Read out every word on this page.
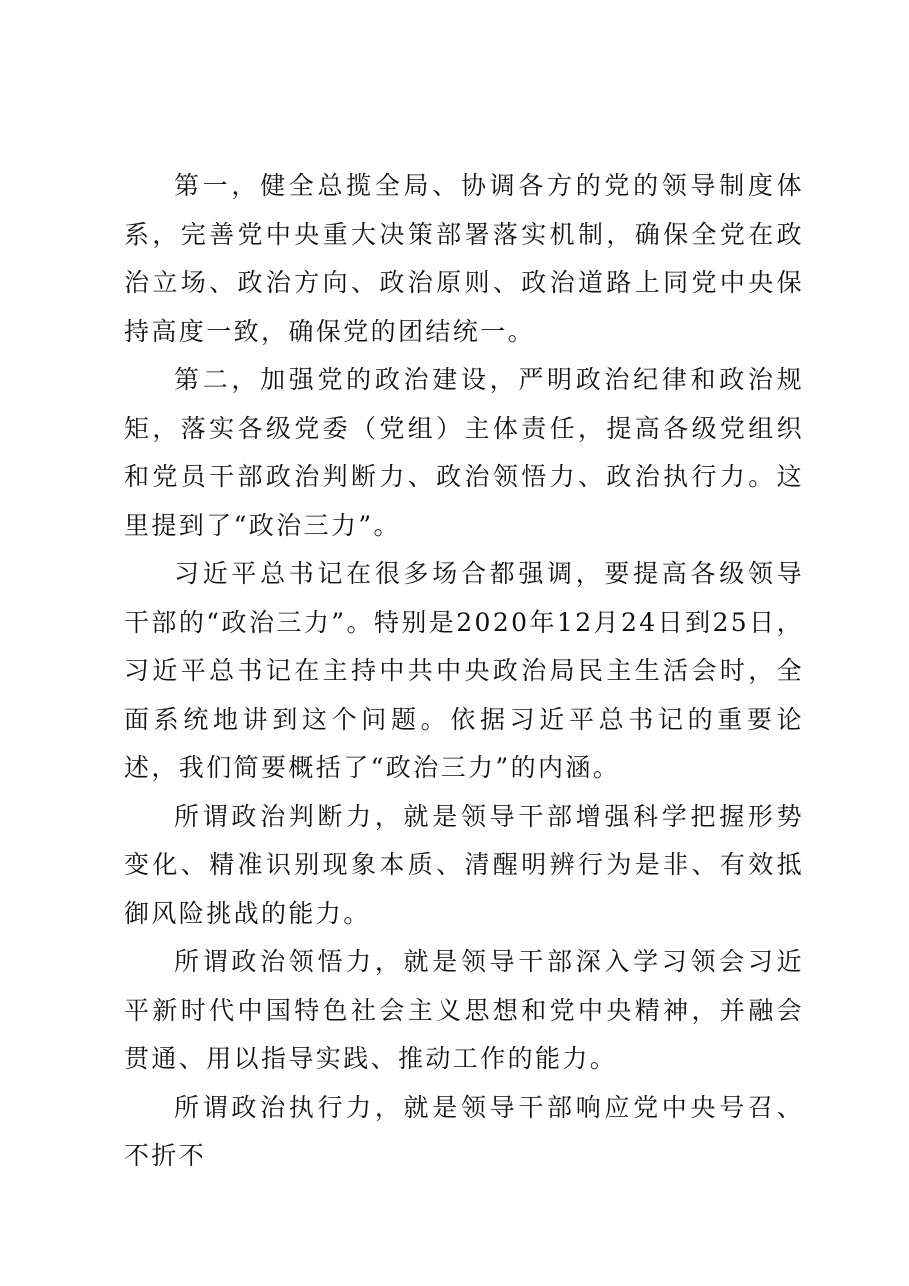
第一，健全总揽全局、协调各方的党的领导制度体系，完善党中央重大决策部署落实机制，确保全党在政治立场、政治方向、政治原则、政治道路上同党中央保持高度一致，确保党的团结统一。

第二，加强党的政治建设，严明政治纪律和政治规矩，落实各级党委（党组）主体责任，提高各级党组织和党员干部政治判断力、政治领悟力、政治执行力。这里提到了“政治三力”。

习近平总书记在很多场合都强调，要提高各级领导干部的“政治三力”。特别是2020年12月24日到25日，习近平总书记在主持中共中央政治局民主生活会时，全面系统地讲到这个问题。依据习近平总书记的重要论述，我们简要概括了“政治三力”的内涵。

所谓政治判断力，就是领导干部增强科学把握形势变化、精准识别现象本质、清醒明辨行为是非、有效抵御风险挑战的能力。

所谓政治领悟力，就是领导干部深入学习领会习近平新时代中国特色社会主义思想和党中央精神，并融会贯通、用以指导实践、推动工作的能力。

所谓政治执行力，就是领导干部响应党中央号召、不折不
